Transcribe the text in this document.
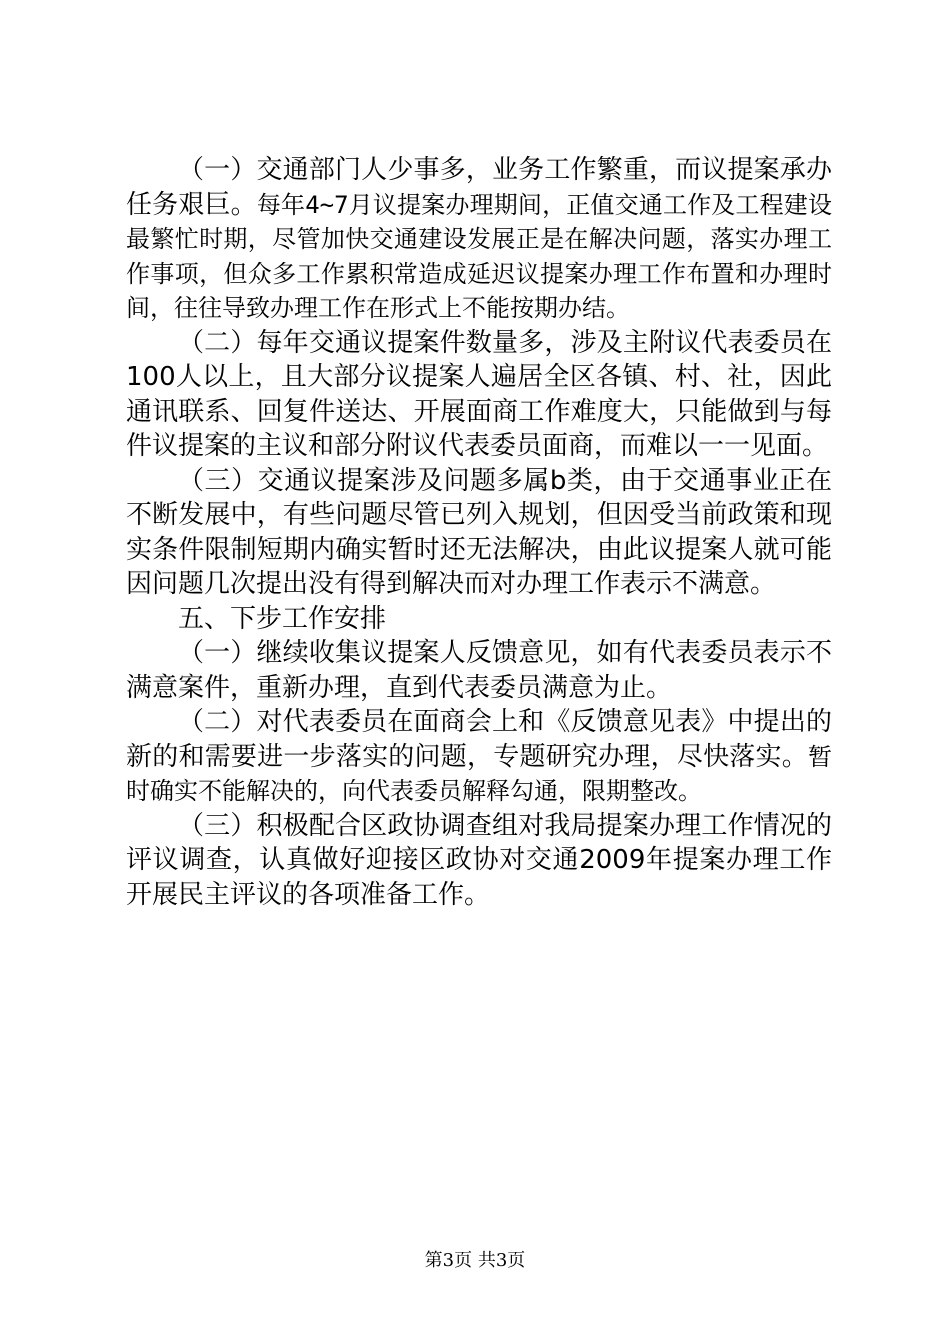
（一）交通部门人少事多，业务工作繁重，而议提案承办任务艰巨。每年4~7月议提案办理期间，正值交通工作及工程建设最繁忙时期，尽管加快交通建设发展正是在解决问题，落实办理工作事项，但众多工作累积常造成延迟议提案办理工作布置和办理时间，往往导致办理工作在形式上不能按期办结。

（二）每年交通议提案件数量多，涉及主附议代表委员在100人以上，且大部分议提案人遍居全区各镇、村、社，因此通讯联系、回复件送达、开展面商工作难度大，只能做到与每件议提案的主议和部分附议代表委员面商，而难以一一见面。

（三）交通议提案涉及问题多属b类，由于交通事业正在不断发展中，有些问题尽管已列入规划，但因受当前政策和现实条件限制短期内确实暂时还无法解决，由此议提案人就可能因问题几次提出没有得到解决而对办理工作表示不满意。

五、下步工作安排

（一）继续收集议提案人反馈意见，如有代表委员表示不满意案件，重新办理，直到代表委员满意为止。

（二）对代表委员在面商会上和《反馈意见表》中提出的新的和需要进一步落实的问题，专题研究办理，尽快落实。暂时确实不能解决的，向代表委员解释勾通，限期整改。

（三）积极配合区政协调查组对我局提案办理工作情况的评议调查，认真做好迎接区政协对交通2009年提案办理工作开展民主评议的各项准备工作。

第3页 共3页
